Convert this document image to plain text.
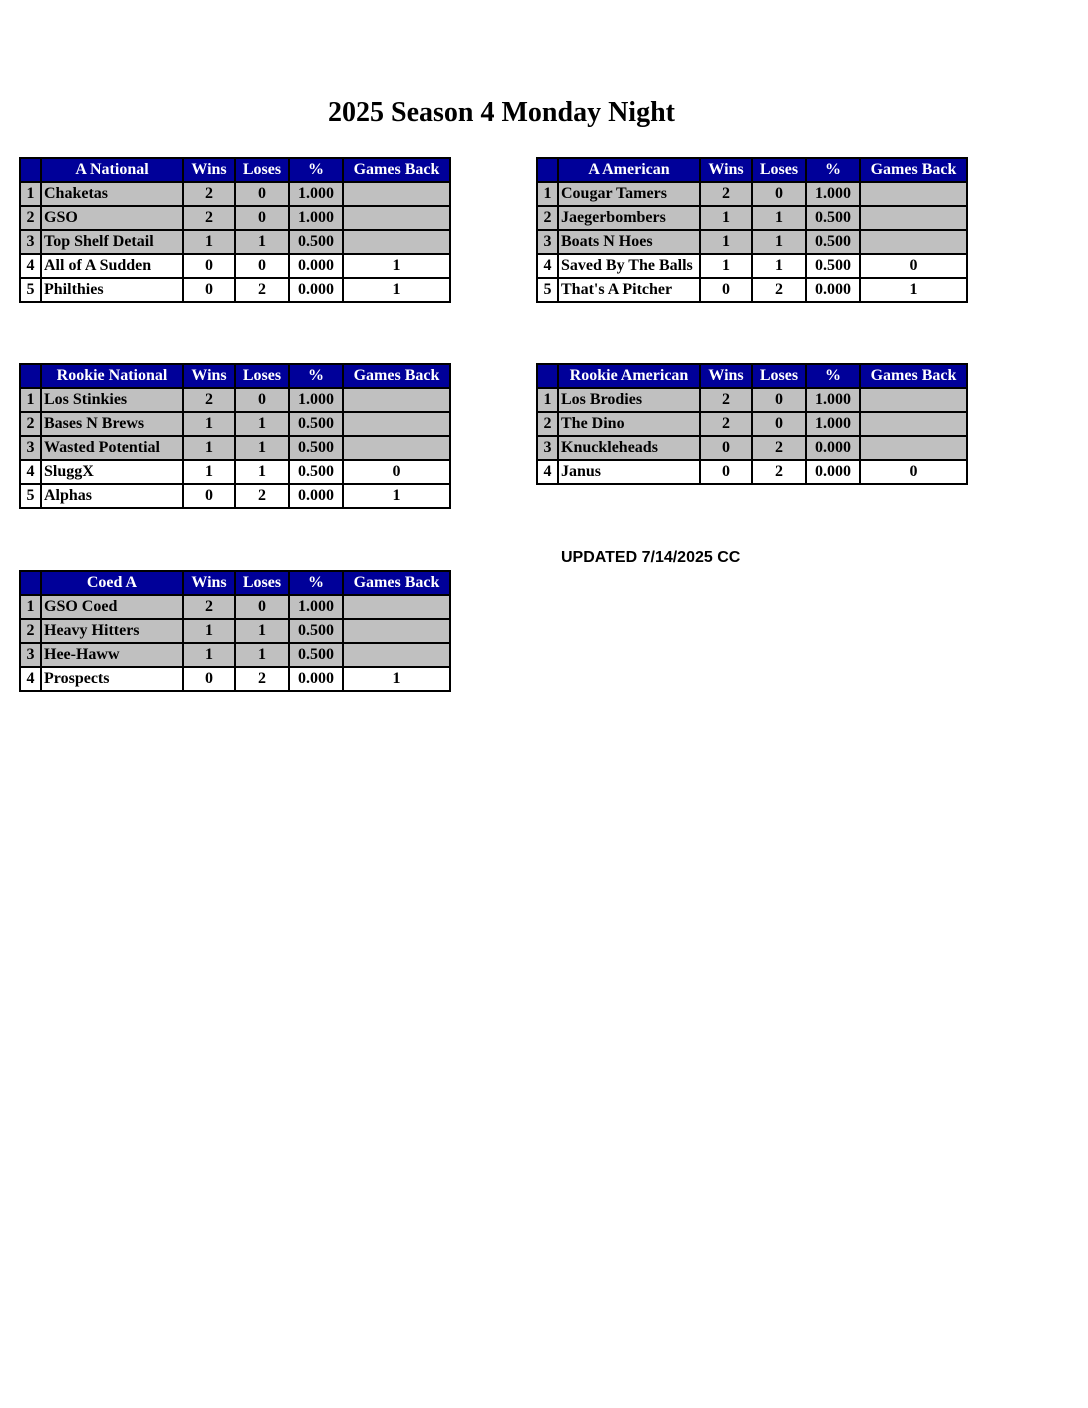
2025 Season 4 Monday Night
	A National	Wins	Loses	%	Games Back
1	Chaketas	2	0	1.000	
2	GSO	2	0	1.000	
3	Top Shelf Detail	1	1	0.500	
4	All of A Sudden	0	0	0.000	1
5	Philthies	0	2	0.000	1
	A American	Wins	Loses	%	Games Back
1	Cougar Tamers	2	0	1.000	
2	Jaegerbombers	1	1	0.500	
3	Boats N Hoes	1	1	0.500	
4	Saved By The Balls	1	1	0.500	0
5	That's A Pitcher	0	2	0.000	1
	Rookie National	Wins	Loses	%	Games Back
1	Los Stinkies	2	0	1.000	
2	Bases N Brews	1	1	0.500	
3	Wasted Potential	1	1	0.500	
4	SluggX	1	1	0.500	0
5	Alphas	0	2	0.000	1
	Rookie American	Wins	Loses	%	Games Back
1	Los Brodies	2	0	1.000	
2	The Dino	2	0	1.000	
3	Knuckleheads	0	2	0.000	
4	Janus	0	2	0.000	0
	Coed A	Wins	Loses	%	Games Back
1	GSO Coed	2	0	1.000	
2	Heavy Hitters	1	1	0.500	
3	Hee-Haww	1	1	0.500	
4	Prospects	0	2	0.000	1
UPDATED 7/14/2025 CC
